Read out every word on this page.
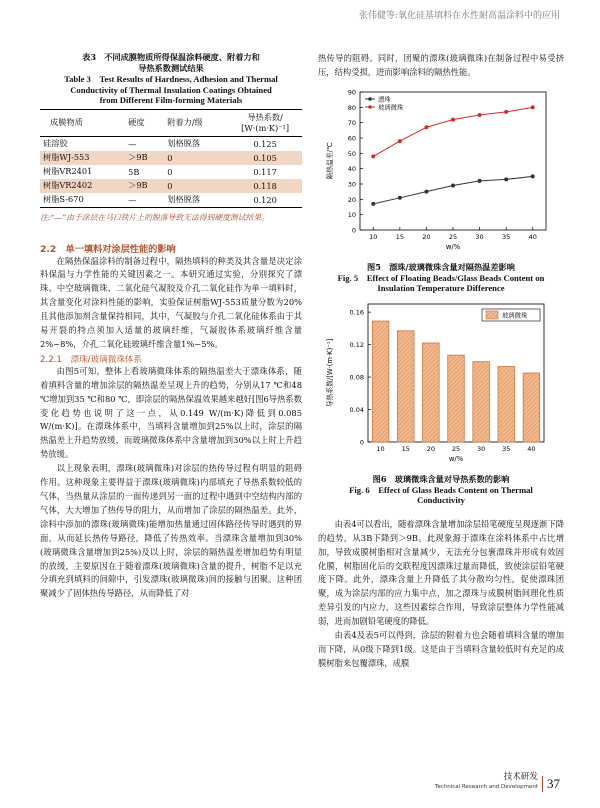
张伟健等:氧化硅基填料在水性耐高温涂料中的应用
表3　不同成膜物质所得保温涂料硬度、附着力和
导热系数测试结果
Table 3　Test Results of Hardness, Adhesion and Thermal
Conductivity of Thermal Insulation Coatings Obtained
from Different Film-forming Materials
成膜物质	硬度	附着力/级	导热系数/
[W·(m·K)⁻¹]

硅溶胶	—	划格脱落	0.125
树脂WJ-553	＞9B	0	0.105
树脂VR2401	5B	0	0.117
树脂VR2402	＞9B	0	0.118
树脂S-670	—	划格脱落	0.120
注:“—”由于涂层在马口铁片上的脱落导致无法得到硬度测试结果。
2.2　单一填料对涂层性能的影响

在隔热保温涂料的制备过程中，隔热填料的种类及其含量是决定涂料保温与力学性能的关键因素之一。本研究通过实验，分别探究了漂珠、中空玻璃微珠、二氧化硅气凝胶及介孔二氧化硅作为单一填料时，其含量变化对涂料性能的影响，实验保证树脂WJ-553质量分数为20%且其他添加剂含量保持相同，其中，气凝胶与介孔二氧化硅体系由于其易开裂的特点须加入适量的玻璃纤维，气凝胶体系玻璃纤维含量2%~8%，介孔二氧化硅玻璃纤维含量1%~5%。

2.2.1　漂珠/玻璃微珠体系

由图5可知，整体上看玻璃微珠体系的隔热温差大于漂珠体系，随着填料含量的增加涂层的隔热温差呈现上升的趋势，分别从17 ℃和48 ℃增加到35 ℃和80 ℃，即涂层的隔热保温效果越来越好[图6导热系数变化趋势也说明了这一点，从0.149 W/(m·K)降低到0.085 W/(m·K)]。在漂珠体系中，当填料含量增加到25%以上时，涂层的隔热温差上升趋势放缓，而玻璃微珠体系中含量增加到30%以上时上升趋势放缓。

以上现象表明，漂珠(玻璃微珠)对涂层的热传导过程有明显的阻碍作用。这种现象主要得益于漂珠(玻璃微珠)内部填充了导热系数较低的气体，当热量从涂层的一面传递到另一面的过程中遇到中空结构内部的气体，大大增加了热传导的阻力，从而增加了涂层的隔热温差。此外，涂料中添加的漂珠(玻璃微珠)能增加热量通过固体路径传导时遇到的界面，从而延长热传导路径，降低了传热效率。当漂珠含量增加到30%(玻璃微珠含量增加到25%)及以上时，涂层的隔热温差增加趋势有明显的放缓，主要原因在于随着漂珠(玻璃微珠)含量的提升，树脂不足以充分填充到填料的间隙中，引发漂珠(玻璃微珠)间的接触与团聚。这种团聚减少了固体热传导路径，从而降低了对

热传导的阻碍。同时，团聚的漂珠(玻璃微珠)在制备过程中易受挤压，结构受损，进而影响涂料的隔热性能。

0
10
20
30
40
50
60
70
80
90
10	15	20	25	30	35	40
w/%
隔热温差/℃
漂珠
玻璃微珠
图5　漂珠/玻璃微珠含量对隔热温差影响
Fig. 5　Effect of Floating Beads/Glass Beads Content on
Insulation Temperature Difference
0
0.04
0.08
0.12
0.16
10	15	20	25	30	35	40
w/%
导热系数/[W·(m·K)⁻¹]
玻璃微珠
图6　玻璃微珠含量对导热系数的影响
Fig. 6　Effect of Glass Beads Content on Thermal
Conductivity

由表4可以看出，随着漂珠含量增加涂层铅笔硬度呈现逐渐下降的趋势，从3B下降到＞9B。此现象源于漂珠在涂料体系中占比增加，导致成膜树脂相对含量减少，无法充分包裹漂珠并形成有效固化膜，树脂固化后的交联程度因漂珠过量而降低，致使涂层铅笔硬度下降。此外，漂珠含量上升降低了其分散均匀性，促使漂珠团聚，成为涂层内部的应力集中点，加之漂珠与成膜树脂间理化性质差异引发的内应力，这些因素综合作用，导致涂层整体力学性能减弱，进而加剧铅笔硬度的降低。

由表4及表5可以得到，涂层的附着力也会随着填料含量的增加而下降，从0级下降到1级。这是由于当填料含量较低时有充足的成膜树脂来包覆漂珠，成膜

技术研发
Technical Research and Development 37
